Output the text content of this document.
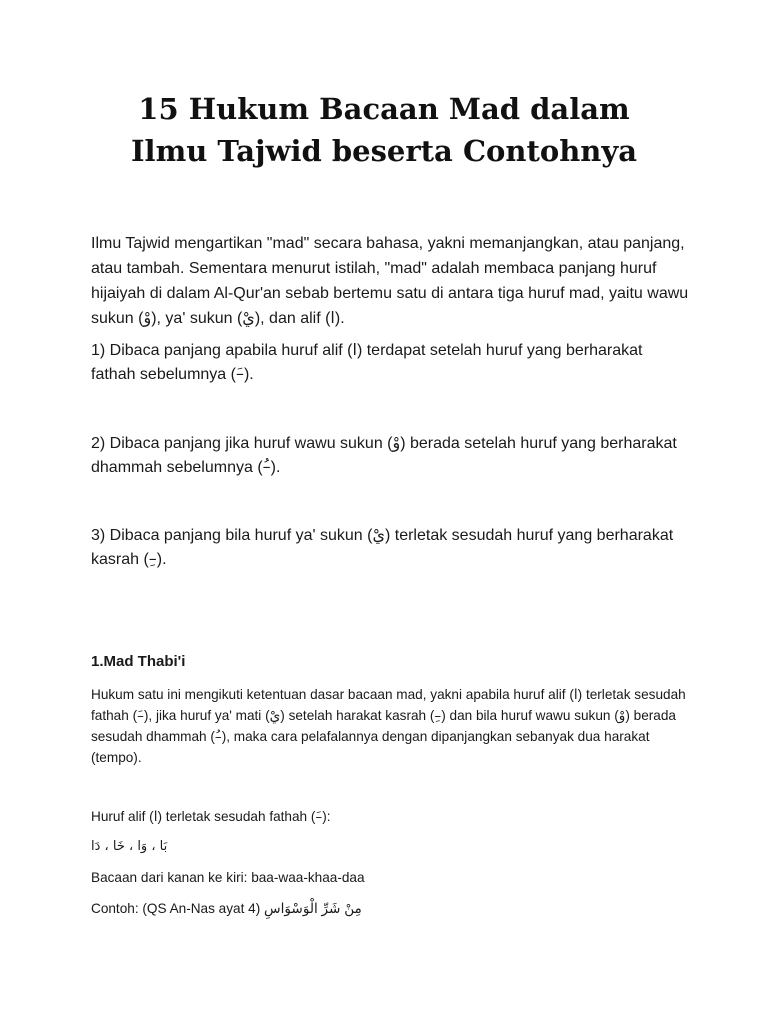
15 Hukum Bacaan Mad dalam
Ilmu Tajwid beserta Contohnya

Ilmu Tajwid mengartikan "mad" secara bahasa, yakni memanjangkan, atau panjang, atau tambah. Sementara menurut istilah, "mad" adalah membaca panjang huruf hijaiyah di dalam Al-Qur'an sebab bertemu satu di antara tiga huruf mad, yaitu wawu sukun (وْ), ya' sukun (يْ), dan alif (ا).

1) Dibaca panjang apabila huruf alif (ا) terdapat setelah huruf yang berharakat fathah sebelumnya (–َ).

2) Dibaca panjang jika huruf wawu sukun (وْ) berada setelah huruf yang berharakat dhammah sebelumnya (–ُ).

3) Dibaca panjang bila huruf ya' sukun (يْ) terletak sesudah huruf yang berharakat kasrah (–ِ).

1.Mad Thabi'i

Hukum satu ini mengikuti ketentuan dasar bacaan mad, yakni apabila huruf alif (ا) terletak sesudah fathah (–َ), jika huruf ya' mati (يْ) setelah harakat kasrah (–ِ) dan bila huruf wawu sukun (وْ) berada sesudah dhammah (–ُ), maka cara pelafalannya dengan dipanjangkan sebanyak dua harakat (tempo).

Huruf alif (ا) terletak sesudah fathah (–َ):

بَا ، وَا ، خَا ، دَا

Bacaan dari kanan ke kiri: baa-waa-khaa-daa

Contoh: (QS An-Nas ayat 4) مِنْ شَرِّ الْوَسْوَاسِ
